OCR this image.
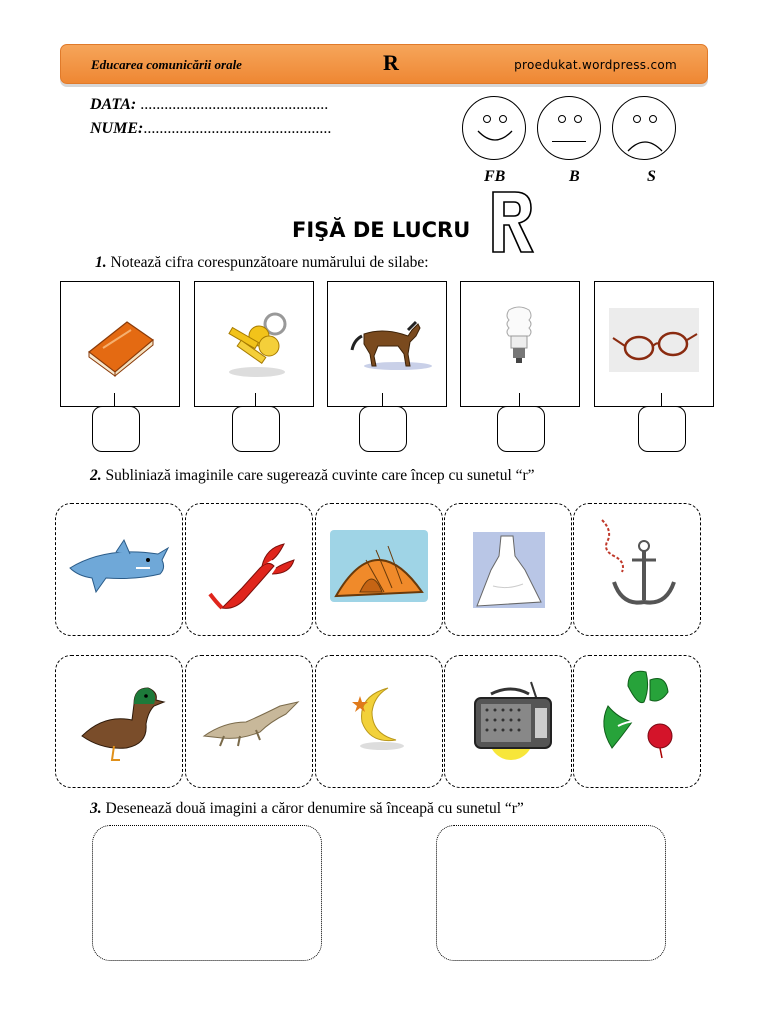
Educarea comunicării orale	R	proedukat.wordpress.com
DATA: ...............................................
NUME:...............................................
FB	B	S
FIŞĂ DE LUCRU
1. Notează cifra corespunzătoare numărului de silabe:
2. Subliniază imaginile care sugerează cuvinte care încep cu sunetul “r”
3. Desenează două imagini a căror denumire să înceapă cu sunetul “r”
